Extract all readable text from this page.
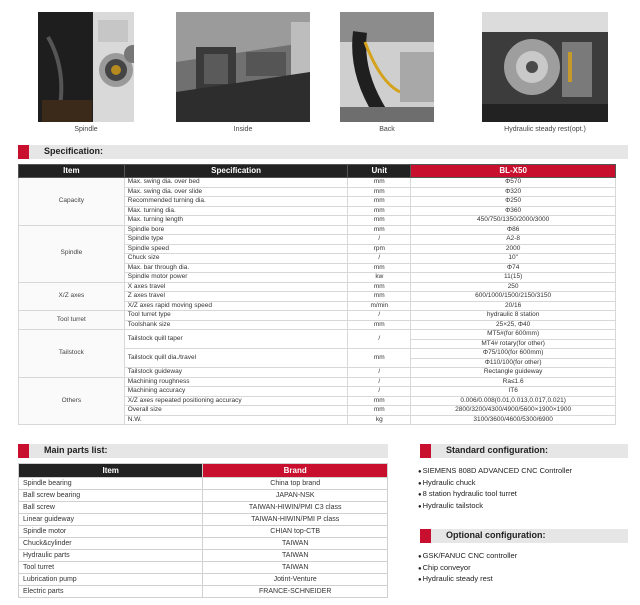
Spindle	Inside	Back	Hydraulic steady rest(opt.)
Specification:
Item	Specification	Unit	BL-X50
Capacity	Max. swing dia. over bed	mm	Φ570
	Max. swing dia. over slide	mm	Φ320
	Recommended turning dia.	mm	Φ250
	Max. turning dia.	mm	Φ360
	Max. turning length	mm	450/750/1350/2000/3000
Spindle	Spindle bore	mm	Φ86
	Spindle type	/	A2-8
	Spindle speed	rpm	2000
	Chuck size	/	10"
	Max. bar through dia.	mm	Φ74
	Spindle motor power	kw	11(15)
X/Z axes	X axes travel	mm	250
	Z axes travel	mm	600/1000/1500/2150/3150
	X/Z axes rapid moving speed	m/min	20/16
Tool turret	Tool turret type	/	hydraulic 8 station
	Toolshank size	mm	25×25, Φ40
Tailstock	Tailstock quill taper	/	MT5#(for 600mm)
			MT4# rotary(for other)
	Tailstock quill dia./travel	mm	Φ75/100(for 600mm)
			Φ110/100(for other)
	Tailstock guideway	/	Rectangle guideway
Others	Machining roughness	/	Ra≤1.6
	Machining accuracy	/	IT6
	X/Z axes repeated positioning accuracy	mm	0.006/0.008(0.01,0.013,0.017,0.021)
	Overall size	mm	2800/3200/4300/4900/5600×1900×1900
	N.W.	kg	3100/3600/4600/5300/6900
Main parts list:
Item	Brand
Spindle bearing	China top brand
Ball screw bearing	JAPAN-NSK
Ball screw	TAIWAN-HIWIN/PMI C3 class
Linear guideway	TAIWAN-HIWIN/PMI P class
Spindle motor	CHIAN top-CTB
Chuck&cylinder	TAIWAN
Hydraulic parts	TAIWAN
Tool turret	TAIWAN
Lubrication pump	Jotint-Venture
Electric parts	FRANCE-SCHNEIDER
Standard configuration:
● SIEMENS 808D ADVANCED CNC Controller
● Hydraulic chuck
● 8 station hydraulic tool turret
● Hydraulic tailstock
Optional configuration:
● GSK/FANUC CNC controller
● Chip conveyor
● Hydraulic steady rest
